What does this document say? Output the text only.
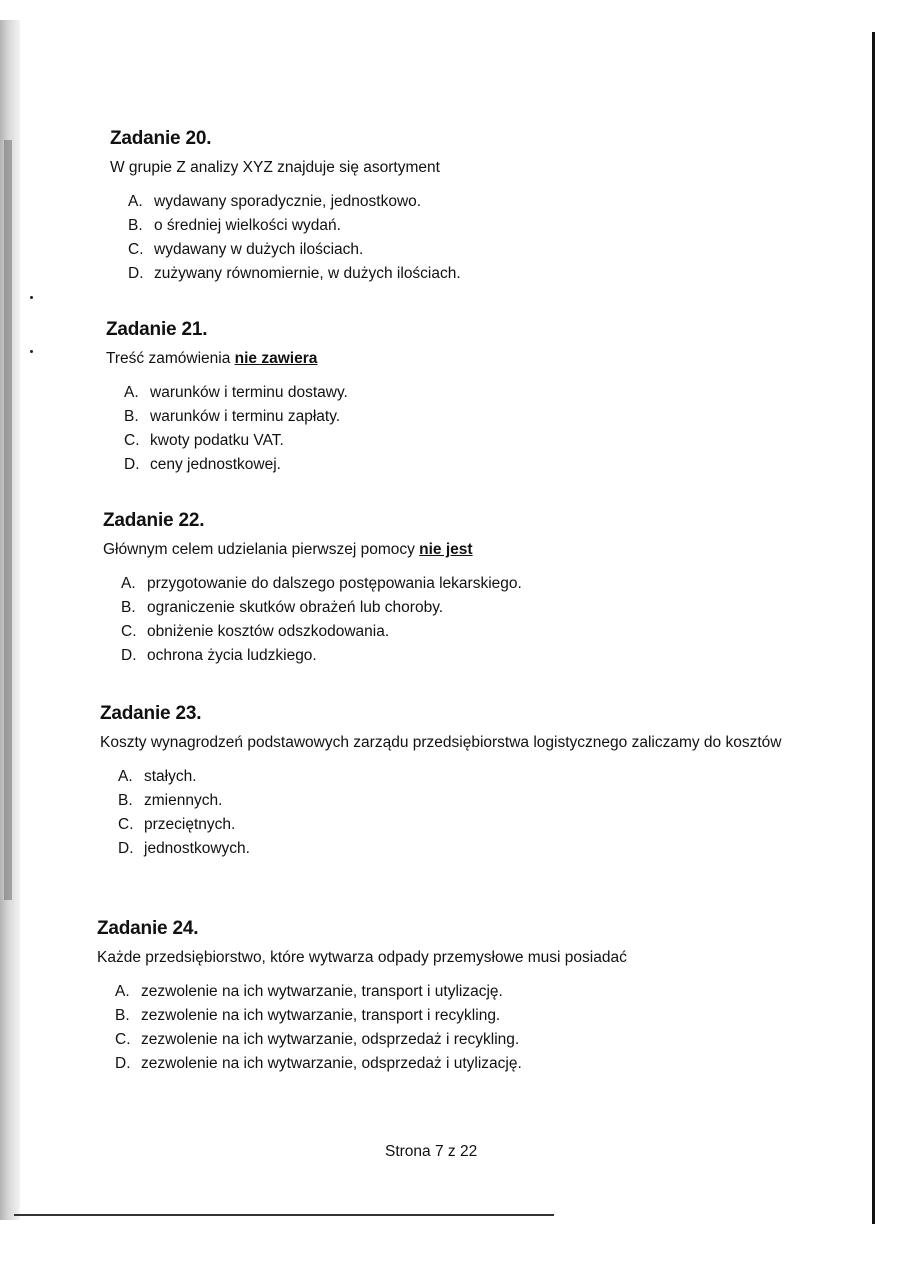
Zadanie 20.

W grupie Z analizy XYZ znajduje się asortyment

A. wydawany sporadycznie, jednostkowo.
B. o średniej wielkości wydań.
C. wydawany w dużych ilościach.
D. zużywany równomiernie, w dużych ilościach.
Zadanie 21.

Treść zamówienia nie zawiera

A. warunków i terminu dostawy.
B. warunków i terminu zapłaty.
C. kwoty podatku VAT.
D. ceny jednostkowej.
Zadanie 22.

Głównym celem udzielania pierwszej pomocy nie jest

A. przygotowanie do dalszego postępowania lekarskiego.
B. ograniczenie skutków obrażeń lub choroby.
C. obniżenie kosztów odszkodowania.
D. ochrona życia ludzkiego.
Zadanie 23.

Koszty wynagrodzeń podstawowych zarządu przedsiębiorstwa logistycznego zaliczamy do kosztów

A. stałych.
B. zmiennych.
C. przeciętnych.
D. jednostkowych.
Zadanie 24.

Każde przedsiębiorstwo, które wytwarza odpady przemysłowe musi posiadać

A. zezwolenie na ich wytwarzanie, transport i utylizację.
B. zezwolenie na ich wytwarzanie, transport i recykling.
C. zezwolenie na ich wytwarzanie, odsprzedaż i recykling.
D. zezwolenie na ich wytwarzanie, odsprzedaż i utylizację.
Strona 7 z 22
